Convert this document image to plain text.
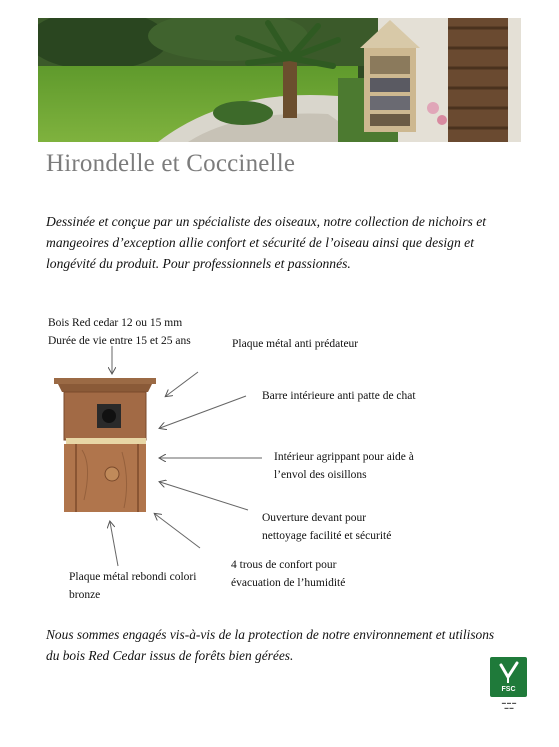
Hirondelle et Coccinelle
Dessinée et conçue par un spécialiste des oiseaux, notre collection de nichoirs et mangeoires d’exception allie confort et sécurité de l’oiseau ainsi que design et longévité du produit. Pour professionnels et passionnés.
Bois Red cedar 12 ou 15 mm
Durée de vie entre 15 et 25 ans	Plaque métal anti prédateur
Barre intérieure anti patte de chat
Intérieur agrippant pour aide à
l’envol des oisillons
Ouverture devant pour
nettoyage facilité et sécurité
4 trous de confort pour
évacuation de l’humidité
Plaque métal rebondi colori
bronze
Nous sommes engagés vis-à-vis de la protection de notre environnement et utilisons du bois Red Cedar issus de forêts bien gérées.
FSC
▬ ▬ ▬
▬ ▬
